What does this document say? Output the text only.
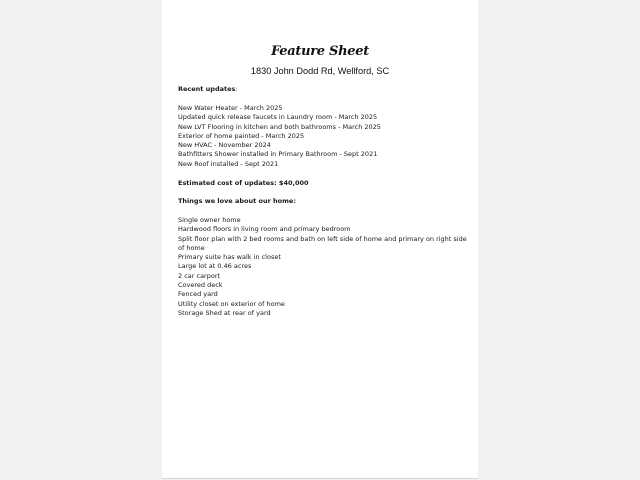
Feature Sheet
1830 John Dodd Rd, Wellford, SC
Recent updates:
New Water Heater - March 2025
Updated quick release faucets in Laundry room - March 2025
New LVT Flooring in kitchen and both bathrooms - March 2025
Exterior of home painted - March 2025
New HVAC - November 2024
Bathfitters Shower installed in Primary Bathroom - Sept 2021
New Roof installed - Sept 2021
Estimated cost of updates: $40,000
Things we love about our home:
Single owner home
Hardwood floors in living room and primary bedroom
Split floor plan with 2 bed rooms and bath on left side of home and primary on right side of home
Primary suite has walk in closet
Large lot at 0.46 acres
2 car carport
Covered deck
Fenced yard
Utility closet on exterior of home
Storage Shed at rear of yard
